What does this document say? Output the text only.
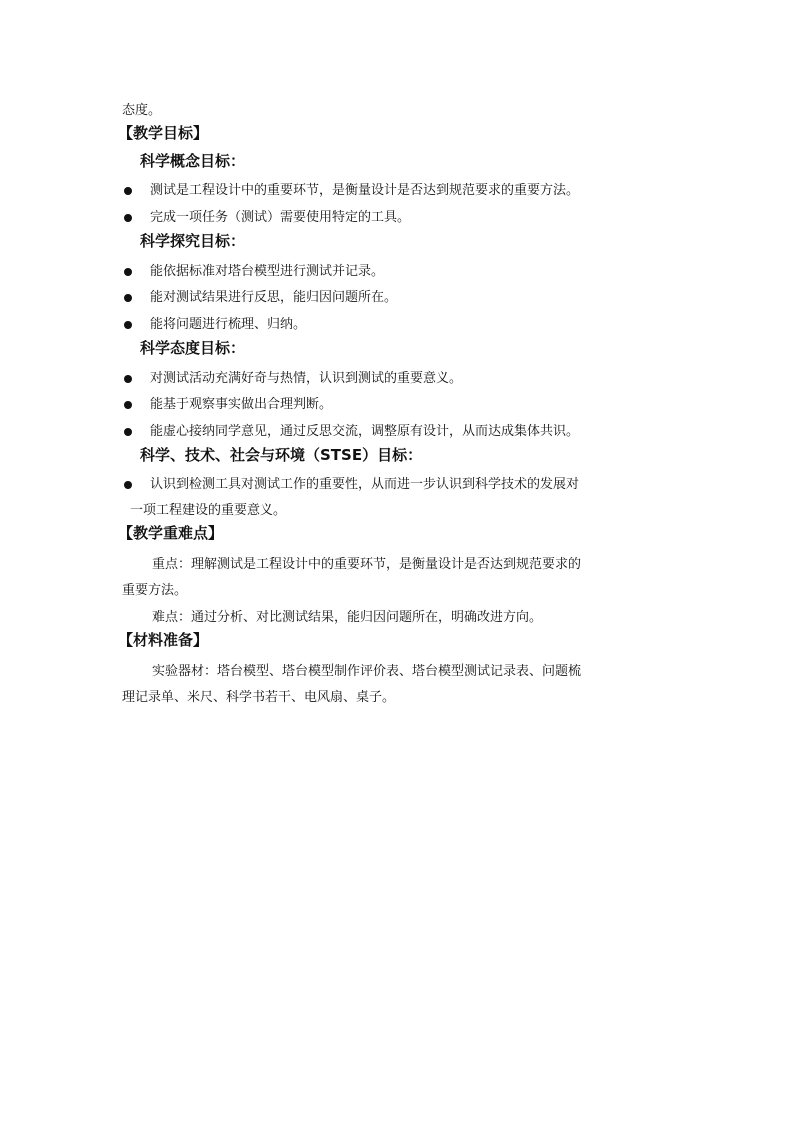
态度。
【教学目标】
科学概念目标：
测试是工程设计中的重要环节，是衡量设计是否达到规范要求的重要方法。
完成一项任务（测试）需要使用特定的工具。
科学探究目标：
能依据标准对塔台模型进行测试并记录。
能对测试结果进行反思，能归因问题所在。
能将问题进行梳理、归纳。
科学态度目标：
对测试活动充满好奇与热情，认识到测试的重要意义。
能基于观察事实做出合理判断。
能虚心接纳同学意见，通过反思交流，调整原有设计，从而达成集体共识。
科学、技术、社会与环境（STSE）目标：
认识到检测工具对测试工作的重要性，从而进一步认识到科学技术的发展对
一项工程建设的重要意义。
【教学重难点】
重点：理解测试是工程设计中的重要环节，是衡量设计是否达到规范要求的
重要方法。
难点：通过分析、对比测试结果，能归因问题所在，明确改进方向。
【材料准备】
实验器材：塔台模型、塔台模型制作评价表、塔台模型测试记录表、问题梳
理记录单、米尺、科学书若干、电风扇、桌子。
